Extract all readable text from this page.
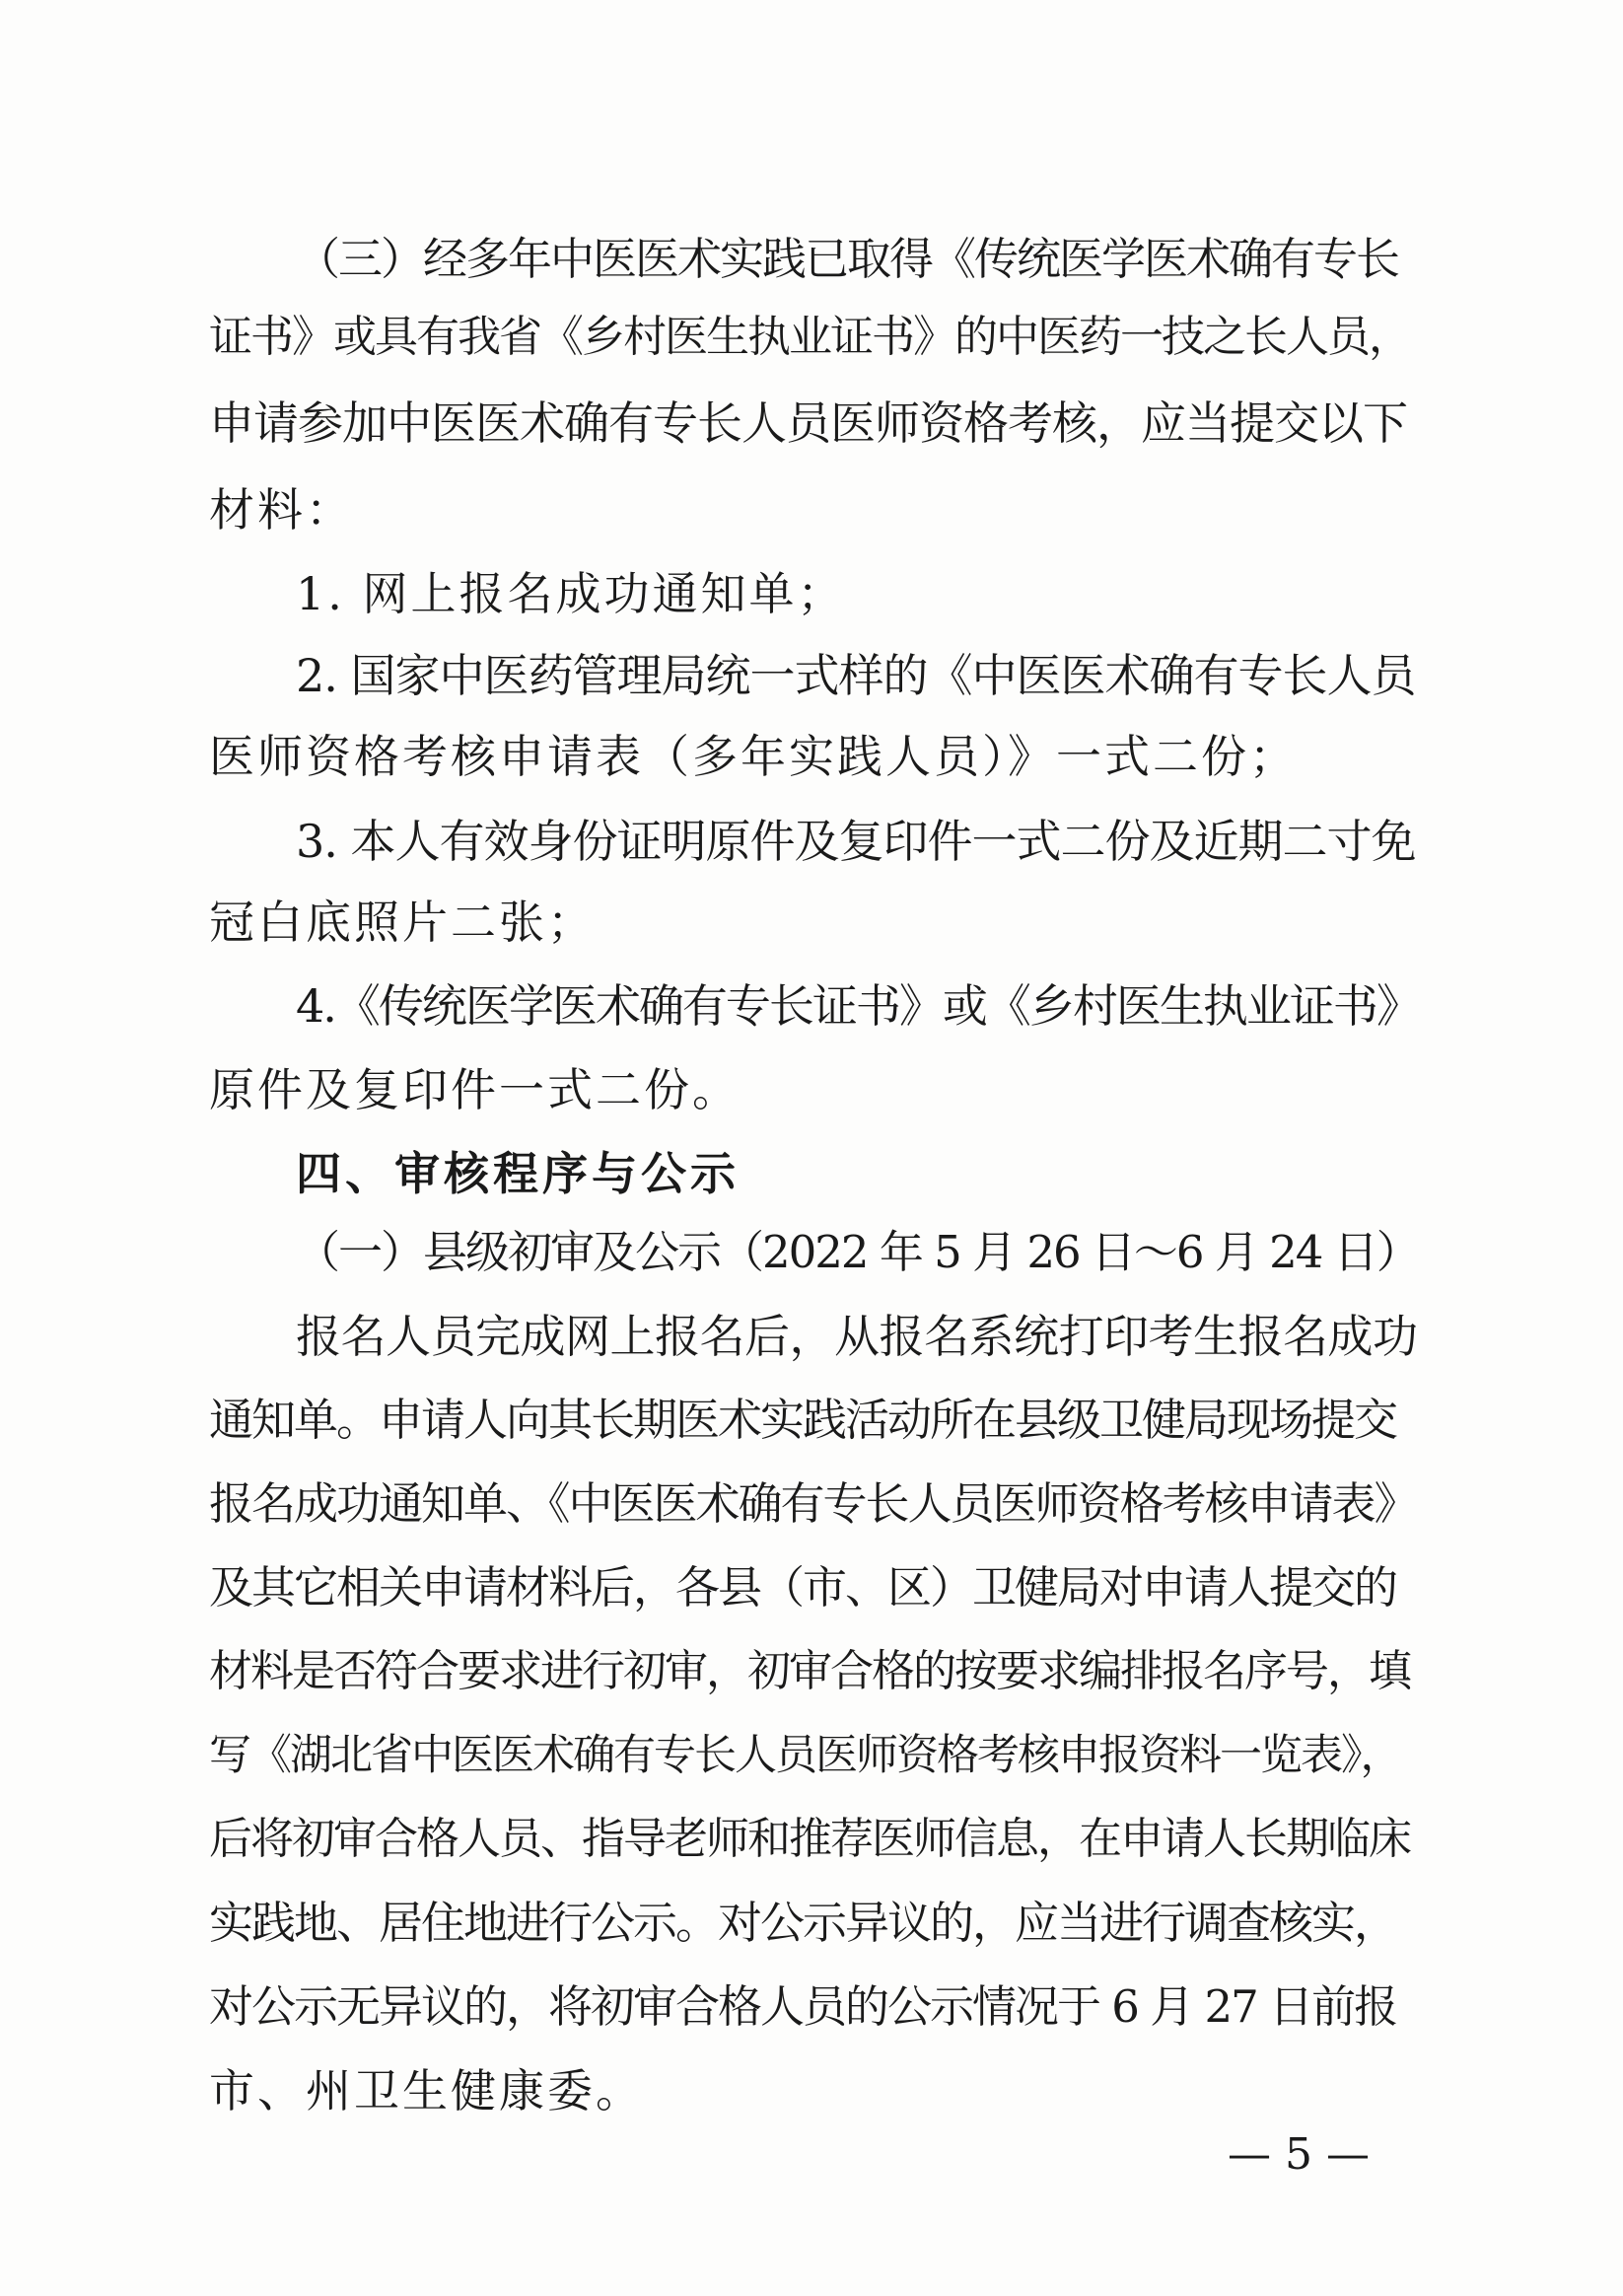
（三）经多年中医医术实践已取得《传统医学医术确有专长
证书》或具有我省《乡村医生执业证书》的中医药一技之长人员，
申请参加中医医术确有专长人员医师资格考核，应当提交以下
材料：
1. 网上报名成功通知单；
2. 国家中医药管理局统一式样的《中医医术确有专长人员
医师资格考核申请表（多年实践人员）》一式二份；
3. 本人有效身份证明原件及复印件一式二份及近期二寸免
冠白底照片二张；
4.《传统医学医术确有专长证书》或《乡村医生执业证书》
原件及复印件一式二份。
四、审核程序与公示
（一）县级初审及公示（2022 年 5 月 26 日～6 月 24 日）
报名人员完成网上报名后，从报名系统打印考生报名成功
通知单。申请人向其长期医术实践活动所在县级卫健局现场提交
报名成功通知单、《中医医术确有专长人员医师资格考核申请表》
及其它相关申请材料后，各县（市、区）卫健局对申请人提交的
材料是否符合要求进行初审，初审合格的按要求编排报名序号，填
写《湖北省中医医术确有专长人员医师资格考核申报资料一览表》，
后将初审合格人员、指导老师和推荐医师信息，在申请人长期临床
实践地、居住地进行公示。对公示异议的，应当进行调查核实，
对公示无异议的，将初审合格人员的公示情况于 6 月 27 日前报
市、州卫生健康委。
— 5 —
